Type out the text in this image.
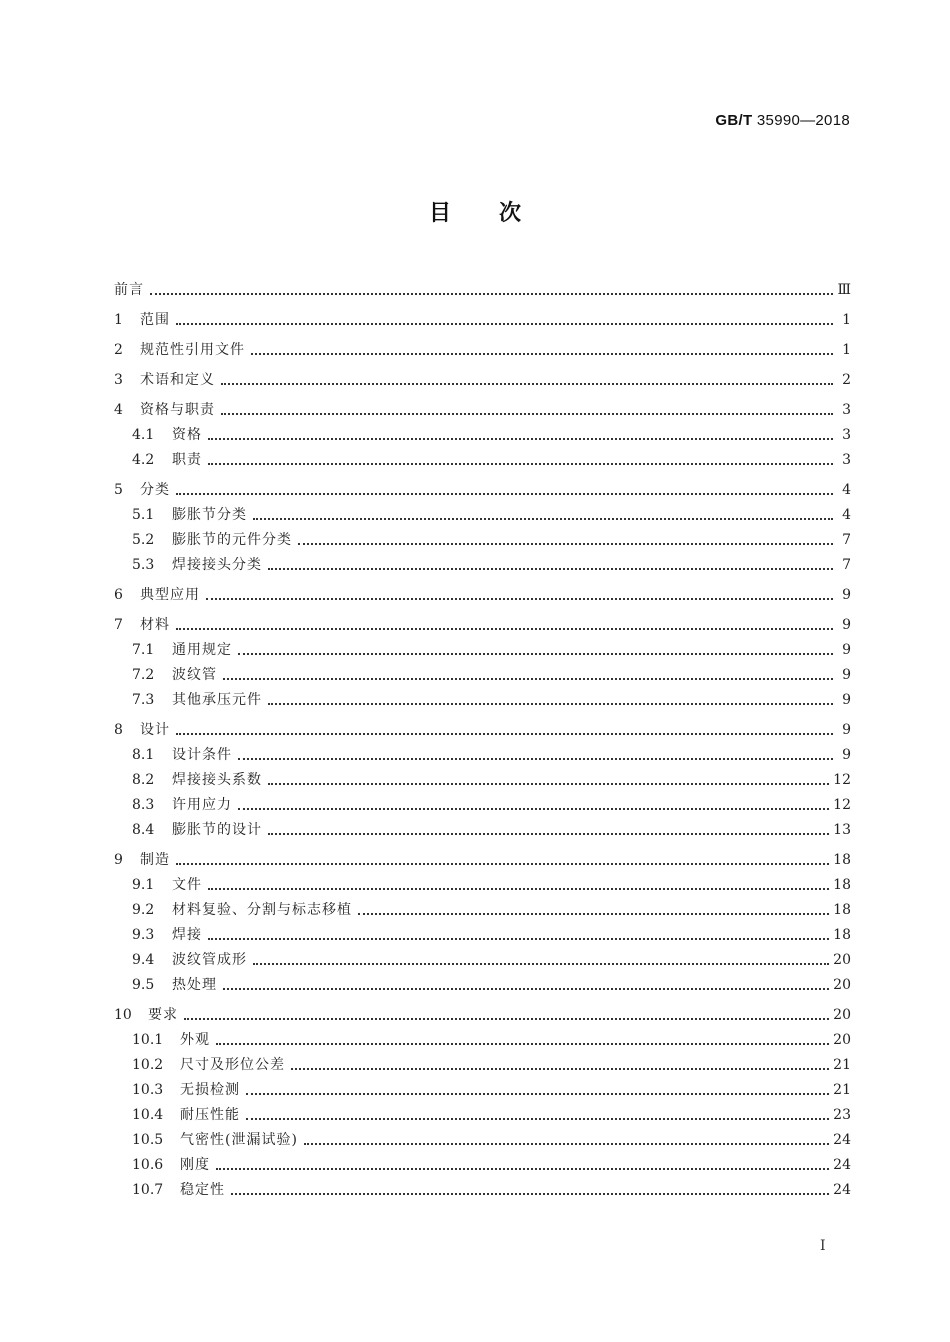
GB/T 35990—2018
目次
前言	Ⅲ
1	范围	1
2	规范性引用文件	1
3	术语和定义	2
4	资格与职责	3
4.1	资格	3
4.2	职责	3
5	分类	4
5.1	膨胀节分类	4
5.2	膨胀节的元件分类	7
5.3	焊接接头分类	7
6	典型应用	9
7	材料	9
7.1	通用规定	9
7.2	波纹管	9
7.3	其他承压元件	9
8	设计	9
8.1	设计条件	9
8.2	焊接接头系数	12
8.3	许用应力	12
8.4	膨胀节的设计	13
9	制造	18
9.1	文件	18
9.2	材料复验、分割与标志移植	18
9.3	焊接	18
9.4	波纹管成形	20
9.5	热处理	20
10	要求	20
10.1	外观	20
10.2	尺寸及形位公差	21
10.3	无损检测	21
10.4	耐压性能	23
10.5	气密性(泄漏试验)	24
10.6	刚度	24
10.7	稳定性	24
I
